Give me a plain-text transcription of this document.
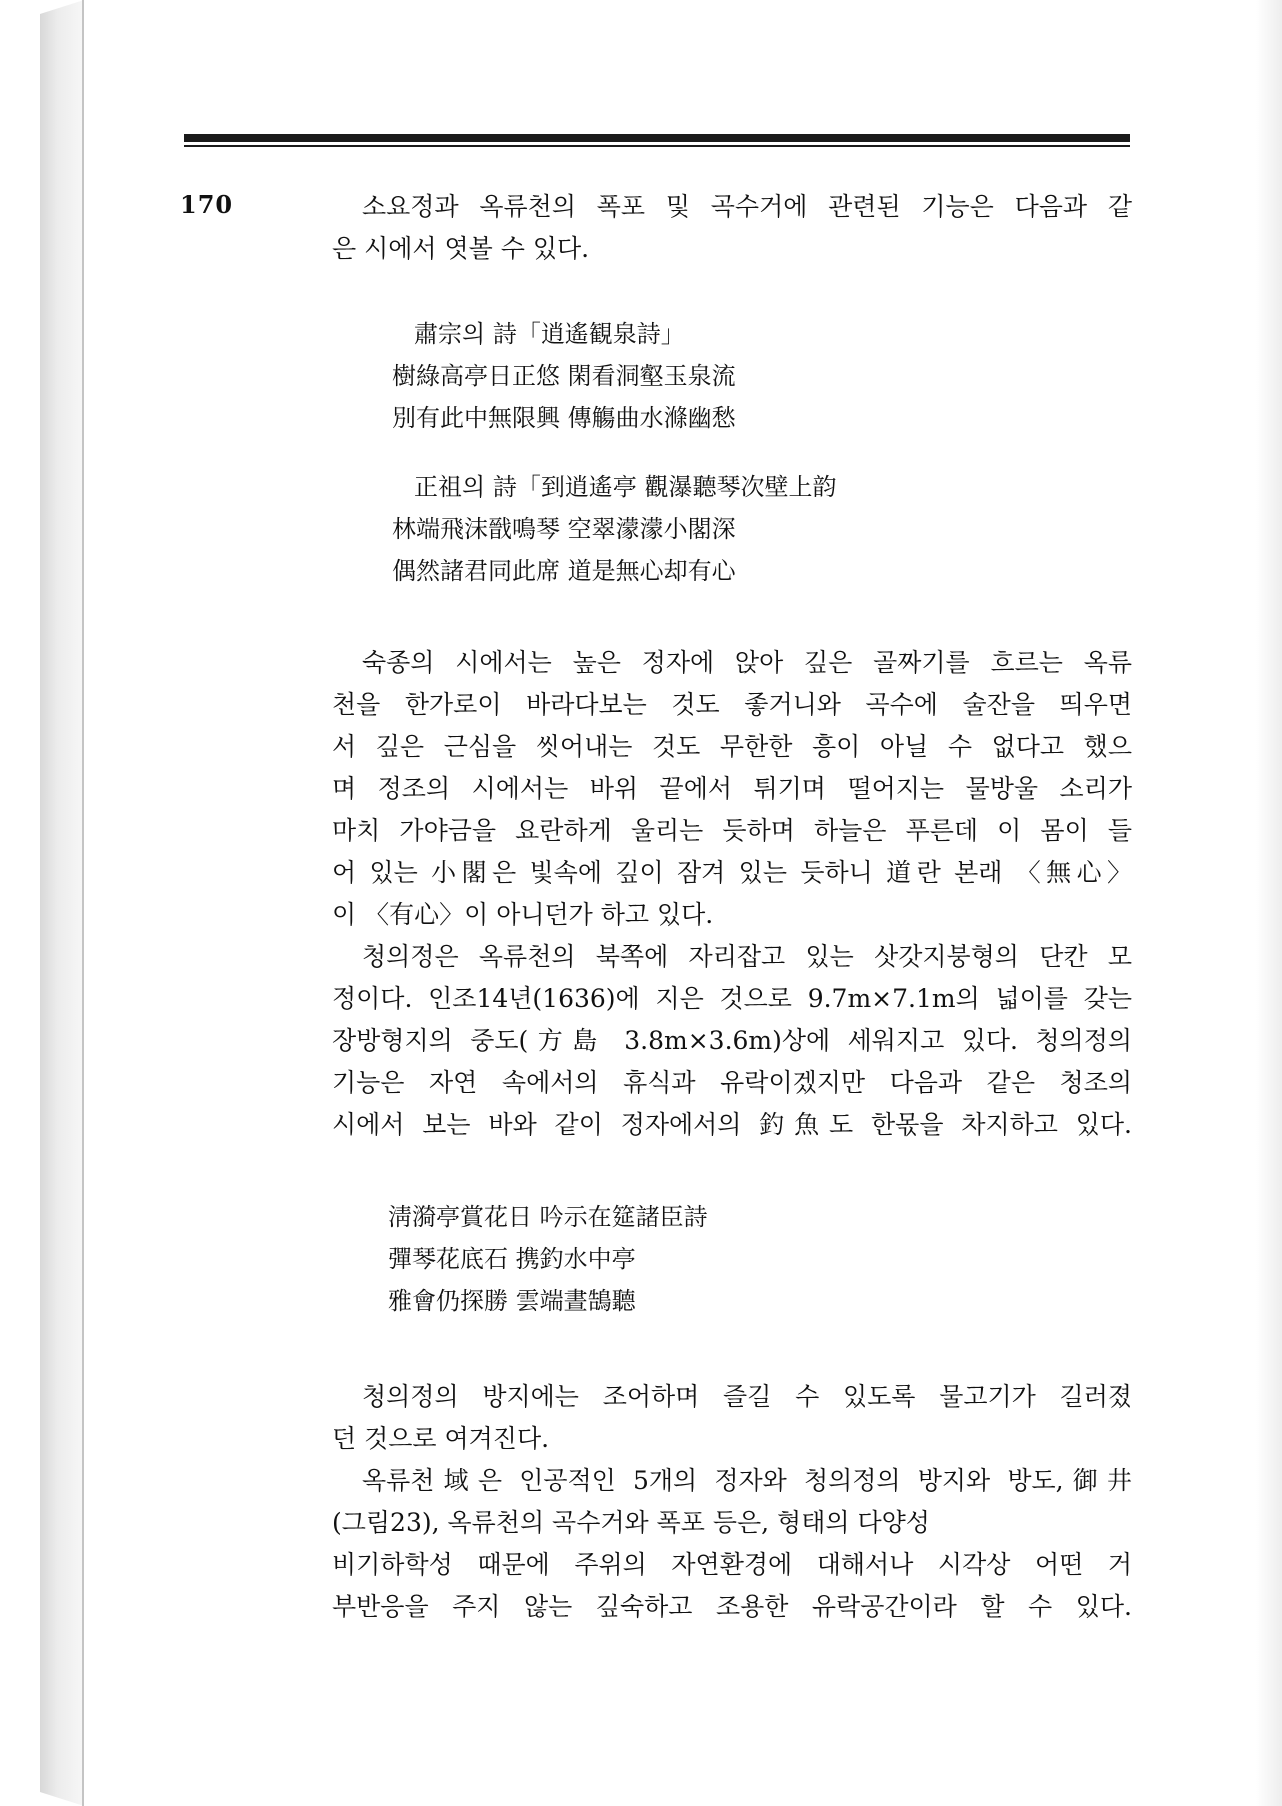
170	소요정과 옥류천의 폭포 및 곡수거에 관련된 기능은 다음과 같
은 시에서 엿볼 수 있다.
肅宗의 詩「逍遙観泉詩」
樹綠高亭日正悠 閑看洞壑玉泉流
別有此中無限興 傳觴曲水滌幽愁
正祖의 詩「到逍遙亭 觀瀑聽琴次壁上韵
林端飛沫戩鳴琴 空翠濛濛小閣深
偶然諸君同此席 道是無心却有心
숙종의 시에서는 높은 정자에 앉아 깊은 골짜기를 흐르는 옥류
천을 한가로이 바라다보는 것도 좋거니와 곡수에 술잔을 띄우면
서 깊은 근심을 씻어내는 것도 무한한 흥이 아닐 수 없다고 했으
며 정조의 시에서는 바위 끝에서 튀기며 떨어지는 물방울 소리가
마치 가야금을 요란하게 울리는 듯하며 하늘은 푸른데 이 몸이 들
어 있는 小閣은 빛속에 깊이 잠겨 있는 듯하니 道란 본래 〈無心〉
이 〈有心〉이 아니던가 하고 있다.
청의정은 옥류천의 북쪽에 자리잡고 있는 삿갓지붕형의 단칸 모
정이다. 인조14년(1636)에 지은 것으로 9.7m×7.1m의 넓이를 갖는
장방형지의 중도(方島 3.8m×3.6m)상에 세워지고 있다. 청의정의
기능은 자연 속에서의 휴식과 유락이겠지만 다음과 같은 청조의
시에서 보는 바와 같이 정자에서의 釣魚도 한몫을 차지하고 있다.
淸漪亭賞花日 吟示在筵諸臣詩
彈琴花底石 携釣水中亭
雅會仍探勝 雲端晝鵠聽
청의정의 방지에는 조어하며 즐길 수 있도록 물고기가 길러졌
던 것으로 여겨진다.
옥류천域은 인공적인 5개의 정자와 청의정의 방지와 방도,御井
(그림23), 옥류천의 곡수거와 폭포 등은, 형태의 다양성
비기하학성 때문에 주위의 자연환경에 대해서나 시각상 어떤 거
부반응을 주지 않는 깊숙하고 조용한 유락공간이라 할 수 있다.
